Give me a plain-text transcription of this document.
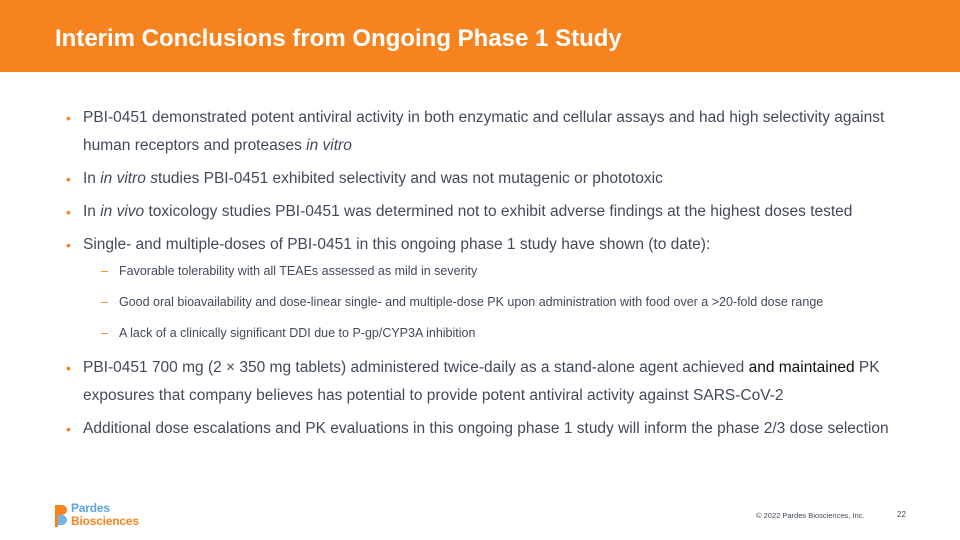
Interim Conclusions from Ongoing Phase 1 Study
• PBI-0451 demonstrated potent antiviral activity in both enzymatic and cellular assays and had high selectivity against human receptors and proteases in vitro
• In in vitro studies PBI-0451 exhibited selectivity and was not mutagenic or phototoxic
• In in vivo toxicology studies PBI-0451 was determined not to exhibit adverse findings at the highest doses tested
• Single- and multiple-doses of PBI-0451 in this ongoing phase 1 study have shown (to date):
– Favorable tolerability with all TEAEs assessed as mild in severity
– Good oral bioavailability and dose-linear single- and multiple-dose PK upon administration with food over a >20-fold dose range
– A lack of a clinically significant DDI due to P-gp/CYP3A inhibition
• PBI-0451 700 mg (2 × 350 mg tablets) administered twice-daily as a stand-alone agent achieved and maintained PK exposures that company believes has potential to provide potent antiviral activity against SARS-CoV-2
• Additional dose escalations and PK evaluations in this ongoing phase 1 study will inform the phase 2/3 dose selection
Pardes
Biosciences	© 2022 Pardes Biosciences, Inc.	22
